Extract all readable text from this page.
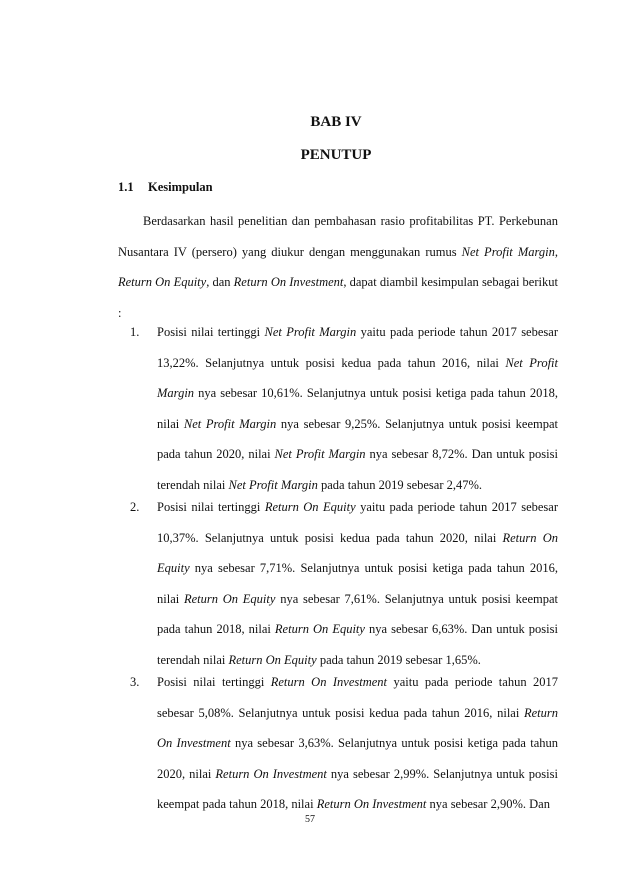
BAB IV
PENUTUP
1.1 Kesimpulan

Berdasarkan hasil penelitian dan pembahasan rasio profitabilitas PT. Perkebunan Nusantara IV (persero) yang diukur dengan menggunakan rumus Net Profit Margin, Return On Equity, dan Return On Investment, dapat diambil kesimpulan sebagai berikut :

1. Posisi nilai tertinggi Net Profit Margin yaitu pada periode tahun 2017 sebesar 13,22%. Selanjutnya untuk posisi kedua pada tahun 2016, nilai Net Profit Margin nya sebesar 10,61%. Selanjutnya untuk posisi ketiga pada tahun 2018, nilai Net Profit Margin nya sebesar 9,25%. Selanjutnya untuk posisi keempat pada tahun 2020, nilai Net Profit Margin nya sebesar 8,72%. Dan untuk posisi terendah nilai Net Profit Margin pada tahun 2019 sebesar 2,47%.
2. Posisi nilai tertinggi Return On Equity yaitu pada periode tahun 2017 sebesar 10,37%. Selanjutnya untuk posisi kedua pada tahun 2020, nilai Return On Equity nya sebesar 7,71%. Selanjutnya untuk posisi ketiga pada tahun 2016, nilai Return On Equity nya sebesar 7,61%. Selanjutnya untuk posisi keempat pada tahun 2018, nilai Return On Equity nya sebesar 6,63%. Dan untuk posisi terendah nilai Return On Equity pada tahun 2019 sebesar 1,65%.
3. Posisi nilai tertinggi Return On Investment yaitu pada periode tahun 2017 sebesar 5,08%. Selanjutnya untuk posisi kedua pada tahun 2016, nilai Return On Investment nya sebesar 3,63%. Selanjutnya untuk posisi ketiga pada tahun 2020, nilai Return On Investment nya sebesar 2,99%. Selanjutnya untuk posisi keempat pada tahun 2018, nilai Return On Investment nya sebesar 2,90%. Dan
57
